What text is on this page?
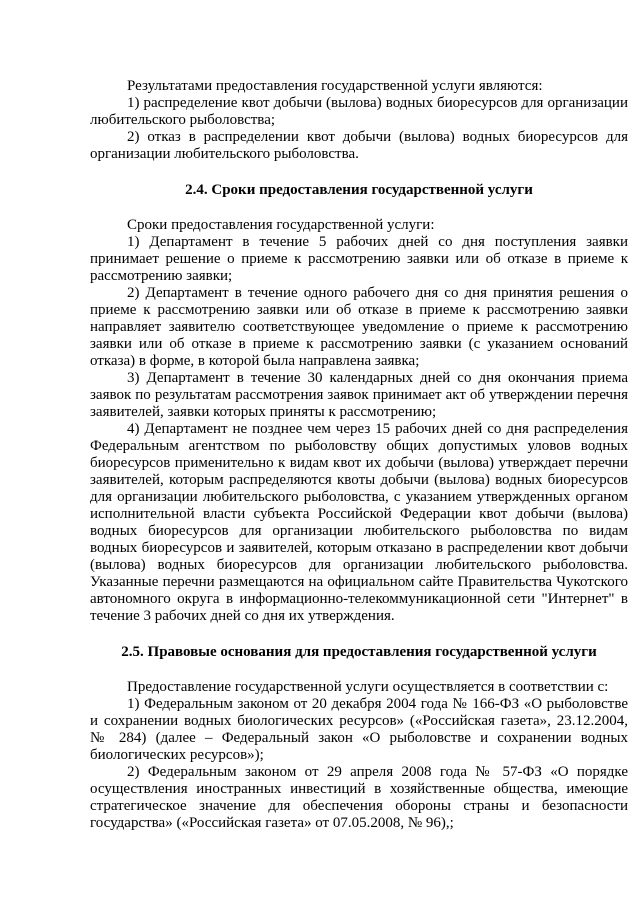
Результатами предоставления государственной услуги являются:

1) распределение квот добычи (вылова) водных биоресурсов для организации любительского рыболовства;

2) отказ в распределении квот добычи (вылова) водных биоресурсов для организации любительского рыболовства.

2.4. Сроки предоставления государственной услуги

Сроки предоставления государственной услуги:

1) Департамент в течение 5 рабочих дней со дня поступления заявки принимает решение о приеме к рассмотрению заявки или об отказе в приеме к рассмотрению заявки;

2) Департамент в течение одного рабочего дня со дня принятия решения о приеме к рассмотрению заявки или об отказе в приеме к рассмотрению заявки направляет заявителю соответствующее уведомление о приеме к рассмотрению заявки или об отказе в приеме к рассмотрению заявки (с указанием оснований отказа) в форме, в которой была направлена заявка;

3) Департамент в течение 30 календарных дней со дня окончания приема заявок по результатам рассмотрения заявок принимает акт об утверждении перечня заявителей, заявки которых приняты к рассмотрению;

4) Департамент не позднее чем через 15 рабочих дней со дня распределения Федеральным агентством по рыболовству общих допустимых уловов водных биоресурсов применительно к видам квот их добычи (вылова) утверждает перечни заявителей, которым распределяются квоты добычи (вылова) водных биоресурсов для организации любительского рыболовства, с указанием утвержденных органом исполнительной власти субъекта Российской Федерации квот добычи (вылова) водных биоресурсов для организации любительского рыболовства по видам водных биоресурсов и заявителей, которым отказано в распределении квот добычи (вылова) водных биоресурсов для организации любительского рыболовства. Указанные перечни размещаются на официальном сайте Правительства Чукотского автономного округа в информационно-телекоммуникационной сети "Интернет" в течение 3 рабочих дней со дня их утверждения.

2.5. Правовые основания для предоставления государственной услуги

Предоставление государственной услуги осуществляется в соответствии с:

1) Федеральным законом от 20 декабря 2004 года № 166-ФЗ «О рыболовстве и сохранении водных биологических ресурсов» («Российская газета», 23.12.2004, № 284) (далее – Федеральный закон «О рыболовстве и сохранении водных биологических ресурсов»);

2) Федеральным законом от 29 апреля 2008 года № 57-ФЗ «О порядке осуществления иностранных инвестиций в хозяйственные общества, имеющие стратегическое значение для обеспечения обороны страны и безопасности государства» («Российская газета» от 07.05.2008, № 96),;
